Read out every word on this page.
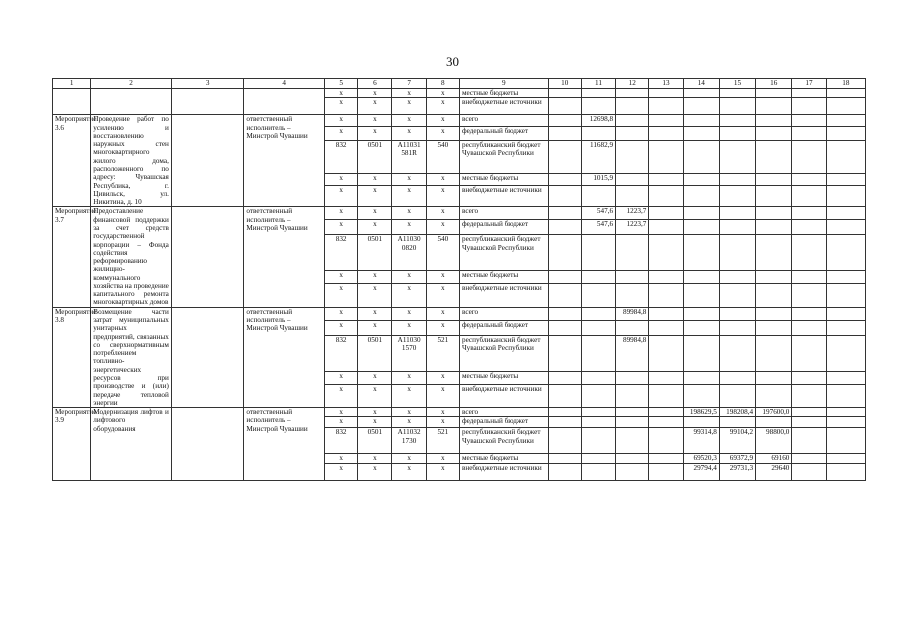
30
1	2	3	4	5	6	7	8	9	10	11	12	13	14	15	16	17	18
				x	x	x	x	местные бюджеты									
				x	x	x	x	внебюджетные источники									
Мероприятие 3.6	Проведение работ по усилению и восстановлению наружных стен многоквартирного жилого дома, расположенного по адресу: Чувашская Республика, г. Цивильск, ул. Никитина, д. 10		ответственный исполнитель – Минстрой Чувашии	x	x	x	x	всего		12698,8							
				x	x	x	x	федеральный бюджет									
				832	0501	А11031 581R	540	республиканский бюджет Чувашской Республики		11682,9							
				x	x	x	x	местные бюджеты		1015,9							
				x	x	x	x	внебюджетные источники									
Мероприятие 3.7	Предоставление финансовой поддержки за счет средств государственной корпорации – Фонда содействия реформированию жилищно-коммунального хозяйства на проведение капитального ремонта многоквартирных домов		ответственный исполнитель – Минстрой Чувашии	x	x	x	x	всего		547,6	1223,7						
				x	x	x	x	федеральный бюджет		547,6	1223,7						
				832	0501	А11030 0820	540	республиканский бюджет Чувашской Республики									
				x	x	x	x	местные бюджеты									
				x	x	x	x	внебюджетные источники									
Мероприятие 3.8	Возмещение части затрат муниципальных унитарных предприятий, связанных со сверхнормативным потреблением топливно-энергетических ресурсов при производстве и (или) передаче тепловой энергии		ответственный исполнитель – Минстрой Чувашии	x	x	x	x	всего			89984,8						
				x	x	x	x	федеральный бюджет									
				832	0501	А11030 1570	521	республиканский бюджет Чувашской Республики			89984,8						
				x	x	x	x	местные бюджеты									
				x	x	x	x	внебюджетные источники									
Мероприятие 3.9	Модернизация лифтов и лифтового оборудования		ответственный исполнитель – Минстрой Чувашии	x	x	x	x	всего					198629,5	198208,4	197600,0		
				x	x	x	x	федеральный бюджет									
				832	0501	А11032 1730	521	республиканский бюджет Чувашской Республики					99314,8	99104,2	98800,0		
				x	x	x	x	местные бюджеты					69520,3	69372,9	69160		
				x	x	x	x	внебюджетные источники					29794,4	29731,3	29640		
